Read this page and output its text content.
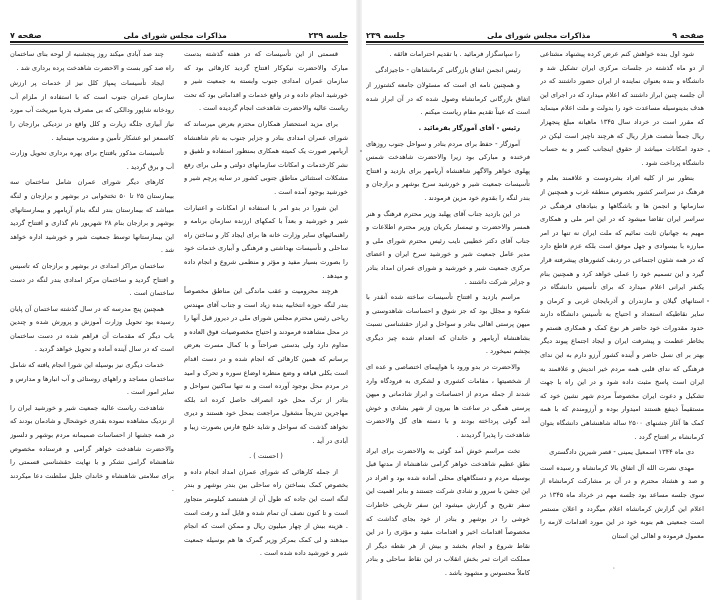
صفحه ۷	مذاکرات مجلس شورای ملی	جلسه ۲۳۹

قسمتی از این تأسیسات که در هفته گذشته بدست مبارک والاحضرت نیکوکار افتتاح گردید کارهائی بود که سازمان عمران امدادی جنوب وابسته به جمعیت شیر و خورشید انجام داده و در واقع خدمات و اقداماتی بود که تحت ریاست عالیه والاحضرت شاهدخت انجام گردیده است .

برای مزید استحضار همکاران محترم بعرض میرساند که شورای عمران امدادی بنادر و جزایر جنوب به نام شاهنشاه آریامهر صورت یک کمیته همکاری بمنظور استفاده و تلفیق و نشر کارخدمات و امکانات سازمانهای دولتی و ملی برای رفع مشکلات استثنائی مناطق جنوبی کشور در سایه پرچم شیر و خورشید بوجود آمده است .

این شورا در بدو امر با استفاده از امکانات و اعتبارات شیر و خورشید و بعداً با کمکهای ارزنده سازمان برنامه و راهنمائیهای سایر وزارت خانه ها برای ایجاد کار و ساختن راه ساحلی و تأسیسات بهداشتی و فرهنگی و آبیاری خدمات خود را بصورت بسیار مفید و مؤثر و منظمی شروع و انجام داده و میدهد .

هرچند محرومیت و عقب ماندگی این مناطق مخصوصاً بندر لنگه حوزه انتخابیه بنده زیاد است و جناب آقای مهندس ریاحی رئیس محترم مجلس شورای ملی در دیروز قبل آنها را در محل مشاهده فرمودند و احتیاج مخصوصیات فوق العاده و مداوم دارد ولی بدستی صراحتاً و با کمال مسرت بعرض برسانم که همین کارهائی که انجام شده و در دست اقدام است بکلی قیافه و وضع منظره اوضاع سوره و تحرک و امید در مردم محل بوجود آورده است و نه تنها ساکنین سواحل و بنادر از ترک محل خود انصراف حاصل کرده اند بلکه مهاجرین تدریجاً مشغول مراجعت بمحل خود هستند و دیری نخواهد گذشت که سواحل و شاید خلیج فارس بصورت زیبا و آبادی در آید .

( احسنت ) .

از جمله کارهائی که شورای عمران امداد انجام داده و بخصوص کمک بساختن راه ساحلی بین بندر بوشهر و بندر لنگه است این جاده که طول آن از هشتصد کیلومتر متجاوز است و تا کنون نصف آن تمام شده و قابل آمد و رفت است . هزینه بیش از چهار میلیون ریال و ممکن است که انجام میدهند و لی کمک بمرکز وزیر گمرک ها هم بوسیله جمعیت شیر و خورشید داده شده است .

چند صد آبادی میکند روز پنجشنبه از لوحه بنای ساختمان راه صد کور بست و الاحضرت شاهدخت پرده برداری شد .

ایجاد تأسیسات پمپاژ کلل نیز از خدمات پر ارزش سازمان عمران جنوب است که با استفاده از ملزام آب رودخانه شاپور ودالکی که بی مصرف بدریا میریخت آب مورد نیاز آبیاری جلگه زیارت و کلل واقع در نزدیکی برازجان را کاسمعز ابو عشکار تأمین و مشروب مینماید .

تأسیسات مذکور بافتتاح برای بهره برداری تحویل وزارت آب و برق گردید .

کارهای دیگر شورای عمران شامل ساختمان سه بیمارستان ۲۵ تا ۵۰ تختخوابی در بوشهر و برازجان و لنگه میباشد که بیمارستان بندر لنگه بنام آریامهر و بیمارستانهای بوشهر و برازجان بنام ۲۸ شهریور نام گذاری و افتتاح گردید این بیمارستانها توسط جمعیت شیر و خورشید اداره خواهد شد .

ساختمان مراکز امدادی در بوشهر و برازجان که تاسیس و افتتاح گردید و ساختمان مرکز امدادی بندر لنگه در دست ساختمان است .

همچنین پنج مدرسه که در سال گذشته ساختمان آن پایان رسیده بود تحویل وزارت آموزش و پرورش شده و چندین باب دیگر که مقدمات آن فراهم شده در دست ساختمان است که در سال آینده آماده و تحویل خواهد گردید .

خدمات دیگری نیز بوسیله این شورا انجام یافته که شامل ساختمان مساجد و راههای روستائی و آب انبارها و مدارس و سایر امور است .

شاهدخت ریاست عالیه جمعیت شیر و خورشید ایران را از نزدیک مشاهده نموده بقدری خوشحال و شادمان بودند که در همه جشنها از احساسات صمیمانه مردم بوشهر و دلسوز والاحضرت شاهدخت خواهر گرامی و فرستاده مخصوص شاهنشاه گرامی تشکر و با نهایت حقشناسی قسمتی را برای سلامتی شاهنشاه و خاندان جلیل سلطنت دعا میکردند .

جلسه ۲۳۹	مذاکرات مجلس شورای ملی	صفحه ۹

شود اول بنده خواهش کنم عرض کرده پیشنهاد مشتاعی از دو ماه گذشته در جلسات مرکزی ایران تشکیل شد و دانشگاه و بنده بعنوان نماینده از ایران حضور داشتند که در آن جلسه چنین ابراز داشتند که اعلام میدارد که در اجرای این هدف بدینوسیله مساعدت خود را بدولت و ملت اعلام مینماید که مقرر است در خرداد سال ۱۳۴۵ ماهیانه مبلغ پنجهزار ریال جمعاً شصت هزار ریال که هرچند ناچیز است لیکن در حدود امکانات میباشد از حقوق اینجانب کسر و به حساب دانشگاه پرداخت شود .

بنظور نیز از کلیه افراد بشردوست و علاقمند بعلم و فرهنگ در سراسر کشور بخصوص منطقه غرب و همچنین از سازمانها و انجمن ها و باشگاهها و بنیادهای فرهنگی در سراسر ایران تقاضا میشود که در این امر ملی و همکاری مهیم به جهانیان ثابت نمائیم که ملت ایران نه تنها در امر مبارزه با بیسوادی و جهل موفق است بلکه عزم قاطع دارد که در همه شئون اجتماعی در ردیف کشورهای پیشرفته قرار گیرد و این تسمیم خود را عملی خواهد کرد و همچنین بنام یکنفر ایرانی اعلام میدارد که برای تأسیس دانشگاه در استانهای گیلان و مازندران و آذربایجان غربی و کرمان و سایر نقاطیکه استعداد و احتیاج به تأسیس دانشگاه دارند حدود مقدورات خود حاضر هر نوع کمک و همکاری هستم و بخاطر عظمت و پیشرفت ایران و ایجاد اجتماع پیوند دیگر بهتر بر ای نسل حاضر و آینده کشور آرزو دارم به این ندای فرهنگی که ندای قلبی همه مردم خیر اندیش و علاقمند به ایران است پاسخ مثبت داده شود و در این راه با جهت تشکیل و دعوت ایران مخصوصاً مردم شهر نشین خود که مستقیماً ذینفع هستند امیدوار بوده و آرزومندم که با همه کمک ها آغاز جشنهای ۲۵۰۰ ساله شاهنشاهی دانشگاه بتوان کرمانشاه بر افتتاح گردد .

دی ماه ۱۳۴۴ اسمعیل یمینی - قصر شیرین دادگستری

مهدی نصرت الله آل اتفاق بالا کرمانشاه و رسیده است و صد و هشتاد محترم و در آن بر مشارکت کرمانشاه از سوی جلسه مساعد بود جلسه مهم در خرداد ماه ۱۳۴۵ در اعلام این گزارش کرمانشاه اعلام میگردد و اعلان مستمر است جمعیتی هم بنوبه خود در این مورد اقدامات لازمه را معمول فرموده و اهالی این استان

را سپاسگزار فرمائید . با تقدیم احترامات فائقه .

رئیس انجمن اتفاق بازرگانی کرمانشاهان - حاجیزادگی

و همچنین نامه ای است که مسئولان جامعه کشتوزر از اتفاق بازرگانی کرمانشاه وصول شده که در آن ابراز شده است که عیناً تقدیم مقام ریاست میکنم .

رئیس - آقای آموزگار بفرمائید .

آموزگار - حفظ برای مردم بنادر و سواحل جنوب روزهای فرخنده و مبارکی بود زیرا والاحضرت شاهدخت شمس پهلوی خواهر والاگهر شاهنشاه آریامهر برای بازدید و افتتاح تأسیسات جمعیت شیر و خورشید سرخ بوشهر و برازجان و بندر لنگه را بقدوم خود مزین فرمودند .

در این بازدید جناب آقای پهلبد وزیر محترم فرهنگ و هنر همسر والاحضرت و تیمسار بکریان وزیر محترم اطلاعات و جناب آقای دکتر خطیبی نایب رئیس محترم شورای ملی و مدیر عامل جمعیت شیر و خورشید سرخ ایران و اعضای مرکزی جمعیت شیر و خورشید و شورای عمران امداد بنادر و جزایر شرکت داشتند .

مراسم بازدید و افتتاح تأسیسات ساخته شده آنقدر با شکوه و مجلل بود که جز شوق و احساسات شاهدوستی و میهن پرستی اهالی بنادر و سواحل و ابراز حقشناسی نسبت بشاهنشاه آریامهر و خاندان که انعدام شده چیز دیگری بچشم نمیخورد .

والاحضرت در بدو ورود با هواپیمای اختصاصی و عده ای از شخصیتها ، مقامات کشوری و لشکری به فرودگاه وارد شدند از جمله مردم از احساسات و ابراز شادمانی و میهن پرستی همگی در ساعت ها بیرون از شهر بشادی و خوش آمد گوئی پرداخته بودند و با دسته های گل والاحضرت شاهدخت را پذیرا گردیدند .

تخت مراسم خوش آمد گوئی به والاحضرت برای ایراد نطق عظیم شاهدخت خواهر گرامی شاهنشاه از مدتها قبل بوسیله مردم و دستگاههای محلی آماده شده بود و افراد در این جشن با سرور و شادی شرکت جستند و بنابر اهمیت این سفر تفریح و گزارش میشود این سفر تاریخی خاطرات خوشی را در بوشهر و بنادر از خود بجای گذاشت که مخصوصاً اقدامات اخیر و اقدامات مفید و مؤثری را در این نقاط شروع و انجام بخشد و بیش از هر نقطه دیگر از مملکت اثرات ثمر بخش انقلاب در این نقاط ساحلی و بنادر کاملاً محسوس و مشهود باشد .

۰
